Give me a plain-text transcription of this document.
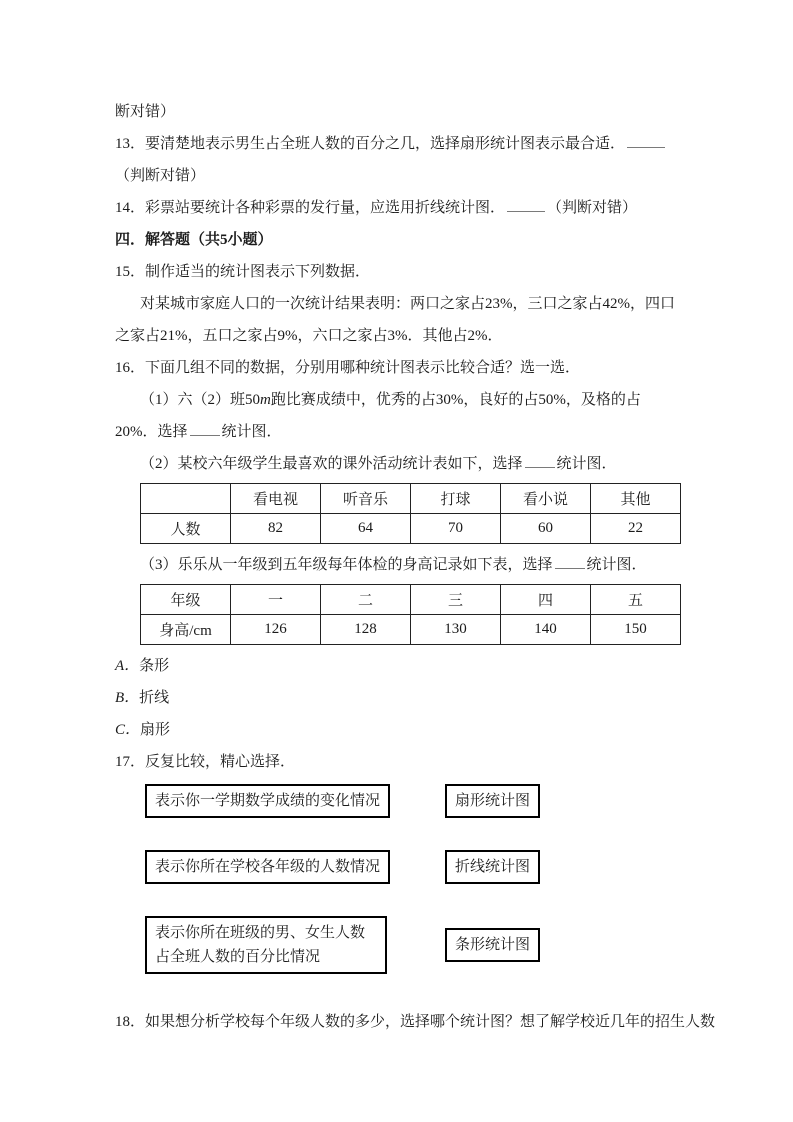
断对错）

13．要清楚地表示男生占全班人数的百分之几，选择扇形统计图表示最合适．（判断对错）

14．彩票站要统计各种彩票的发行量，应选用折线统计图．	（判断对错）

四．解答题（共5小题）

15．制作适当的统计图表示下列数据．

对某城市家庭人口的一次统计结果表明：两口之家占23%，三口之家占42%，四口之家占21%，五口之家占9%，六口之家占3%．其他占2%．

16．下面几组不同的数据，分别用哪种统计图表示比较合适？选一选．

（1）六（2）班50m跑比赛成绩中，优秀的占30%，良好的占50%，及格的占20%．选择 统计图．

（2）某校六年级学生最喜欢的课外活动统计表如下，选择 统计图．

	看电视	听音乐	打球	看小说	其他
人数	82	64	70	60	22

（3）乐乐从一年级到五年级每年体检的身高记录如下表，选择 统计图．

年级	一	二	三	四	五
身高/cm	126	128	130	140	150

A．条形

B．折线

C．扇形

17．反复比较，精心选择．

表示你一学期数学成绩的变化情况	扇形统计图
表示你所在学校各年级的人数情况	折线统计图
表示你所在班级的男、女生人数占全班人数的百分比情况
条形统计图

18．如果想分析学校每个年级人数的多少，选择哪个统计图？想了解学校近几年的招生人数
